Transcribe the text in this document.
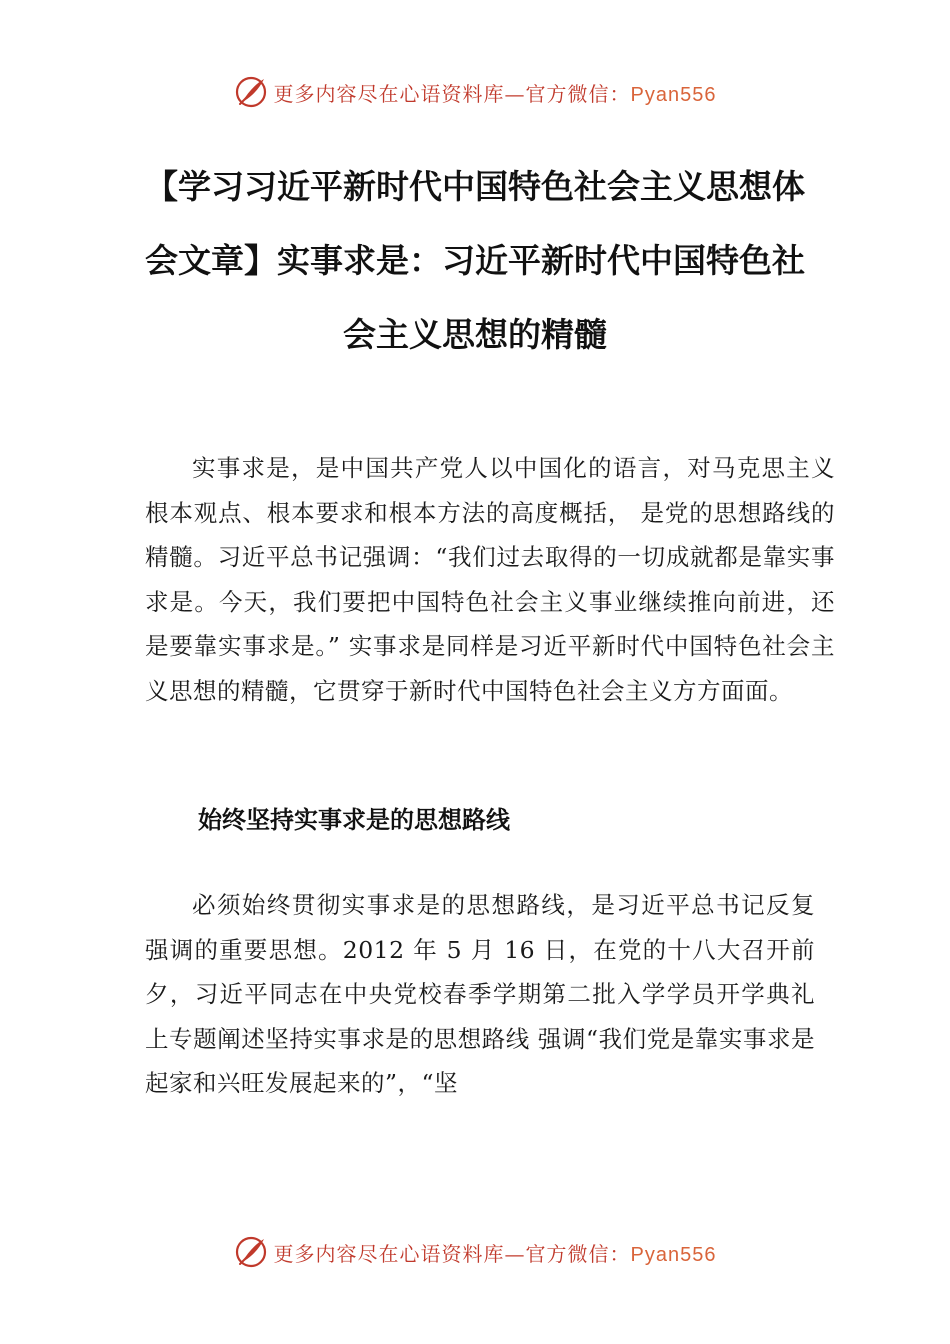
更多内容尽在心语资料库—官方微信：Pyan556
【学习习近平新时代中国特色社会主义思想体会文章】实事求是：习近平新时代中国特色社会主义思想的精髓

实事求是，是中国共产党人以中国化的语言，对马克思主义根本观点、根本要求和根本方法的高度概括， 是党的思想路线的精髓。习近平总书记强调：“我们过去取得的一切成就都是靠实事求是。今天，我们要把中国特色社会主义事业继续推向前进，还是要靠实事求是。” 实事求是同样是习近平新时代中国特色社会主义思想的精髓，它贯穿于新时代中国特色社会主义方方面面。

始终坚持实事求是的思想路线

必须始终贯彻实事求是的思想路线，是习近平总书记反复强调的重要思想。2012 年 5 月 16 日，在党的十八大召开前夕，习近平同志在中央党校春季学期第二批入学学员开学典礼上专题阐述坚持实事求是的思想路线 强调“我们党是靠实事求是起家和兴旺发展起来的”，“坚

更多内容尽在心语资料库—官方微信：Pyan556
